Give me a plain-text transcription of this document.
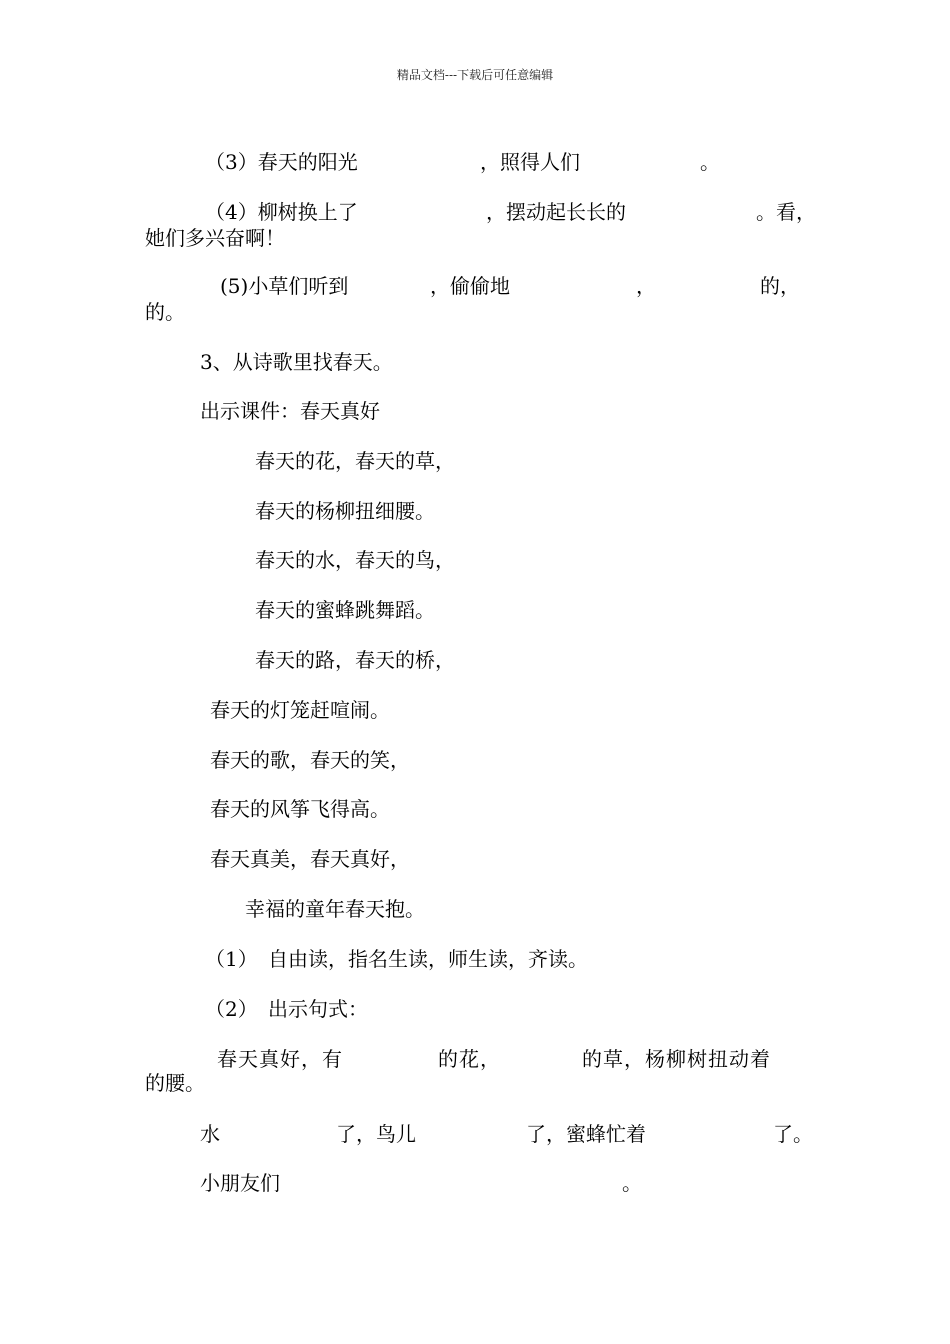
精品文档---下载后可任意编辑
（3）春天的阳光	，照得人们	。
（4）柳树换上了	，摆动起长长的	。看，
她们多兴奋啊！
(5)小草们听到	，偷偷地	，	的，
的。
3、从诗歌里找春天。
出示课件：春天真好
春天的花，春天的草，
春天的杨柳扭细腰。
春天的水，春天的鸟，
春天的蜜蜂跳舞蹈。
春天的路，春天的桥，
春天的灯笼赶喧闹。
春天的歌，春天的笑，
春天的风筝飞得高。
春天真美，春天真好，
幸福的童年春天抱。
（1） 自由读，指名生读，师生读，齐读。
（2） 出示句式：
春天真好，有	的花，	的草，杨柳树扭动着
的腰。
水	了，鸟儿	了，蜜蜂忙着	了。
小朋友们	。
